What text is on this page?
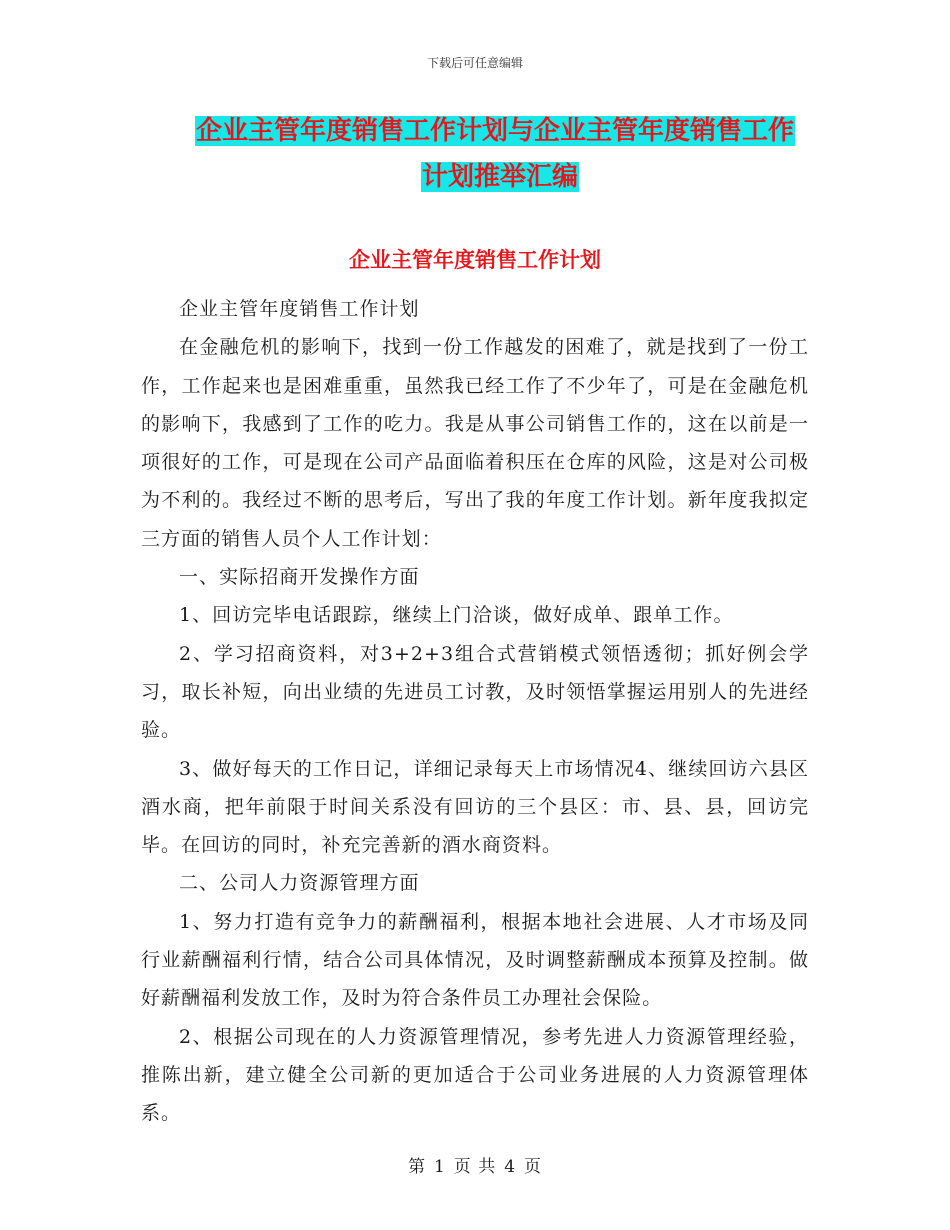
下载后可任意编辑
企业主管年度销售工作计划与企业主管年度销售工作
计划推举汇编
企业主管年度销售工作计划

企业主管年度销售工作计划

在金融危机的影响下，找到一份工作越发的困难了，就是找到了一份工作，工作起来也是困难重重，虽然我已经工作了不少年了，可是在金融危机的影响下，我感到了工作的吃力。我是从事公司销售工作的，这在以前是一项很好的工作，可是现在公司产品面临着积压在仓库的风险，这是对公司极为不利的。我经过不断的思考后，写出了我的年度工作计划。新年度我拟定三方面的销售人员个人工作计划：

一、实际招商开发操作方面

1、回访完毕电话跟踪，继续上门洽谈，做好成单、跟单工作。

2、学习招商资料，对3+2+3组合式营销模式领悟透彻；抓好例会学习，取长补短，向出业绩的先进员工讨教，及时领悟掌握运用别人的先进经验。

3、做好每天的工作日记，详细记录每天上市场情况4、继续回访六县区酒水商，把年前限于时间关系没有回访的三个县区：市、县、县，回访完毕。在回访的同时，补充完善新的酒水商资料。

二、公司人力资源管理方面

1、努力打造有竞争力的薪酬福利，根据本地社会进展、人才市场及同行业薪酬福利行情，结合公司具体情况，及时调整薪酬成本预算及控制。做好薪酬福利发放工作，及时为符合条件员工办理社会保险。

2、根据公司现在的人力资源管理情况，参考先进人力资源管理经验，推陈出新，建立健全公司新的更加适合于公司业务进展的人力资源管理体系。

第 1 页 共 4 页
